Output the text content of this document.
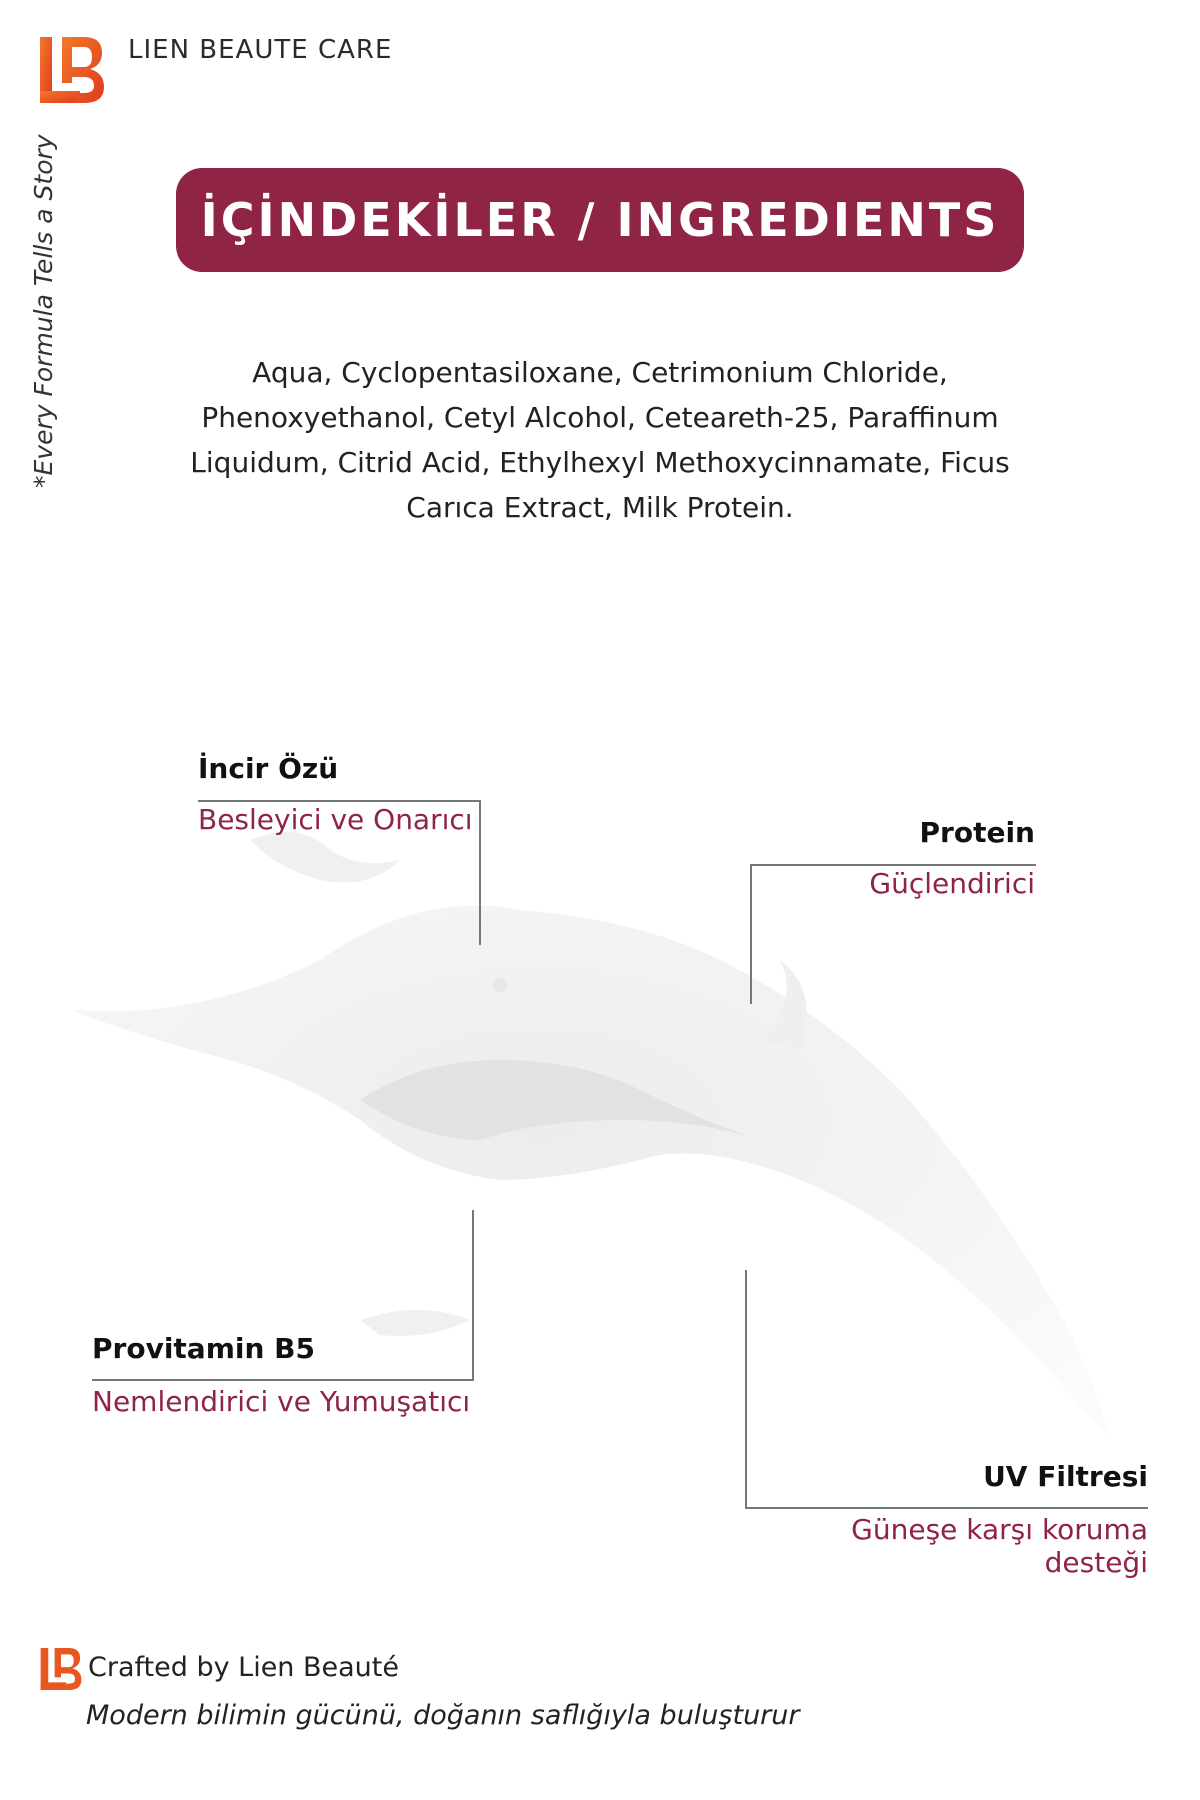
LIEN BEAUTE CARE
*Every Formula Tells a Story	İÇİNDEKİLER / INGREDIENTS
Aqua, Cyclopentasiloxane, Cetrimonium Chloride, Phenoxyethanol, Cetyl Alcohol, Ceteareth-25, Paraffinum Liquidum, Citrid Acid, Ethylhexyl Methoxycinnamate, Ficus Carıca Extract, Milk Protein.
İncir Özü
Besleyici ve Onarıcı	Protein
Güçlendirici
Provitamin B5
Nemlendirici ve Yumuşatıcı
UV Filtresi
Güneşe karşı koruma desteği
Crafted by Lien Beauté
Modern bilimin gücünü, doğanın saflığıyla buluşturur
